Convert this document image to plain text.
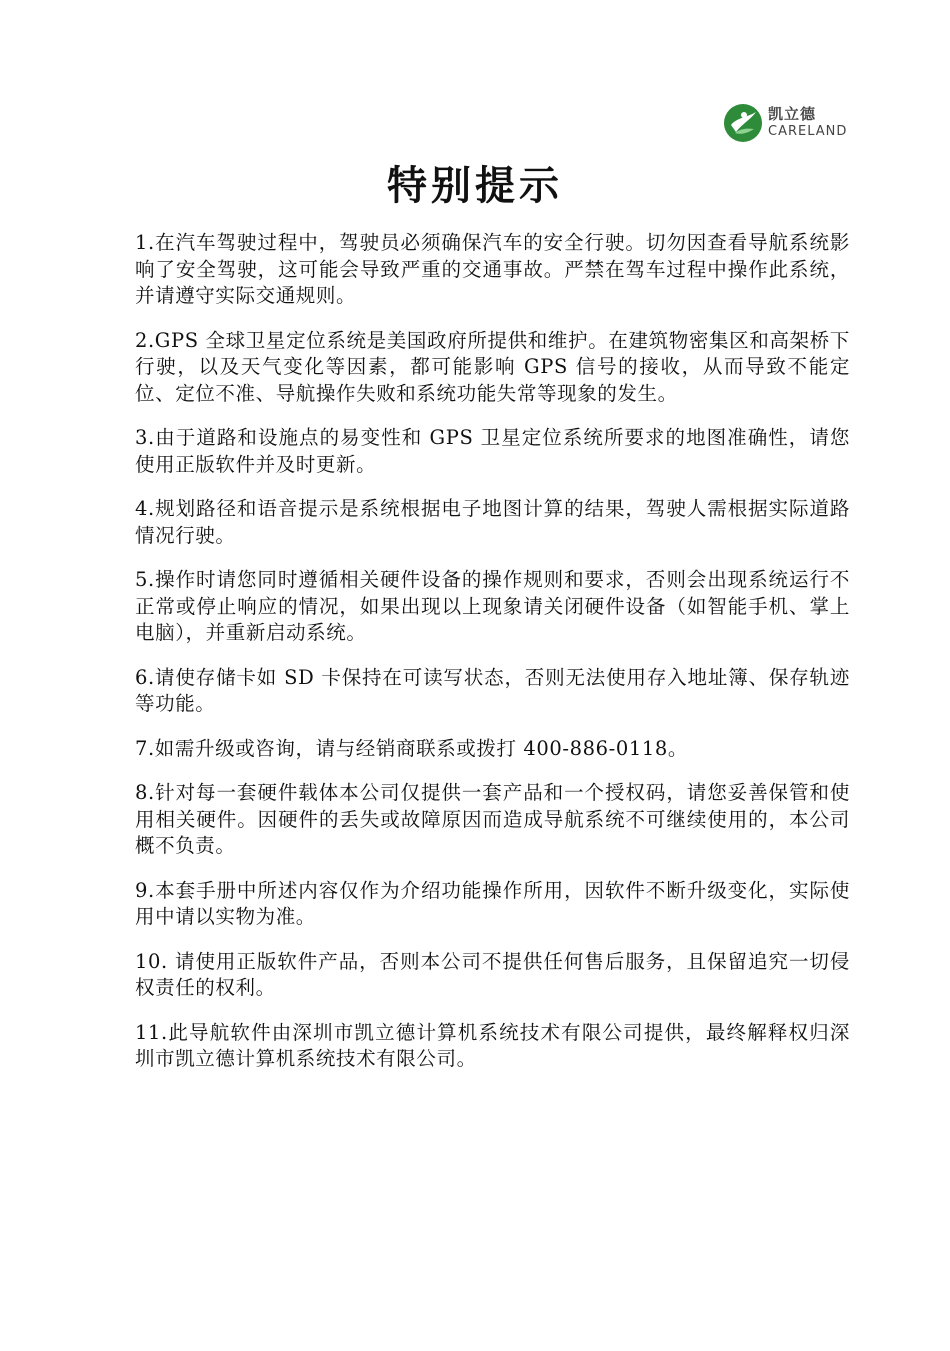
凯立德
CARELAND
特别提示

1.在汽车驾驶过程中，驾驶员必须确保汽车的安全行驶。切勿因查看导航系统影响了安全驾驶，这可能会导致严重的交通事故。严禁在驾车过程中操作此系统，并请遵守实际交通规则。

2.GPS 全球卫星定位系统是美国政府所提供和维护。在建筑物密集区和高架桥下行驶，以及天气变化等因素，都可能影响 GPS 信号的接收，从而导致不能定位、定位不准、导航操作失败和系统功能失常等现象的发生。

3.由于道路和设施点的易变性和 GPS 卫星定位系统所要求的地图准确性，请您使用正版软件并及时更新。

4.规划路径和语音提示是系统根据电子地图计算的结果，驾驶人需根据实际道路情况行驶。

5.操作时请您同时遵循相关硬件设备的操作规则和要求，否则会出现系统运行不正常或停止响应的情况，如果出现以上现象请关闭硬件设备（如智能手机、掌上电脑），并重新启动系统。

6.请使存储卡如 SD 卡保持在可读写状态，否则无法使用存入地址簿、保存轨迹等功能。

7.如需升级或咨询，请与经销商联系或拨打 400-886-0118。

8.针对每一套硬件载体本公司仅提供一套产品和一个授权码，请您妥善保管和使用相关硬件。因硬件的丢失或故障原因而造成导航系统不可继续使用的，本公司概不负责。

9.本套手册中所述内容仅作为介绍功能操作所用，因软件不断升级变化，实际使用中请以实物为准。

10. 请使用正版软件产品，否则本公司不提供任何售后服务，且保留追究一切侵权责任的权利。

11.此导航软件由深圳市凯立德计算机系统技术有限公司提供，最终解释权归深圳市凯立德计算机系统技术有限公司。
